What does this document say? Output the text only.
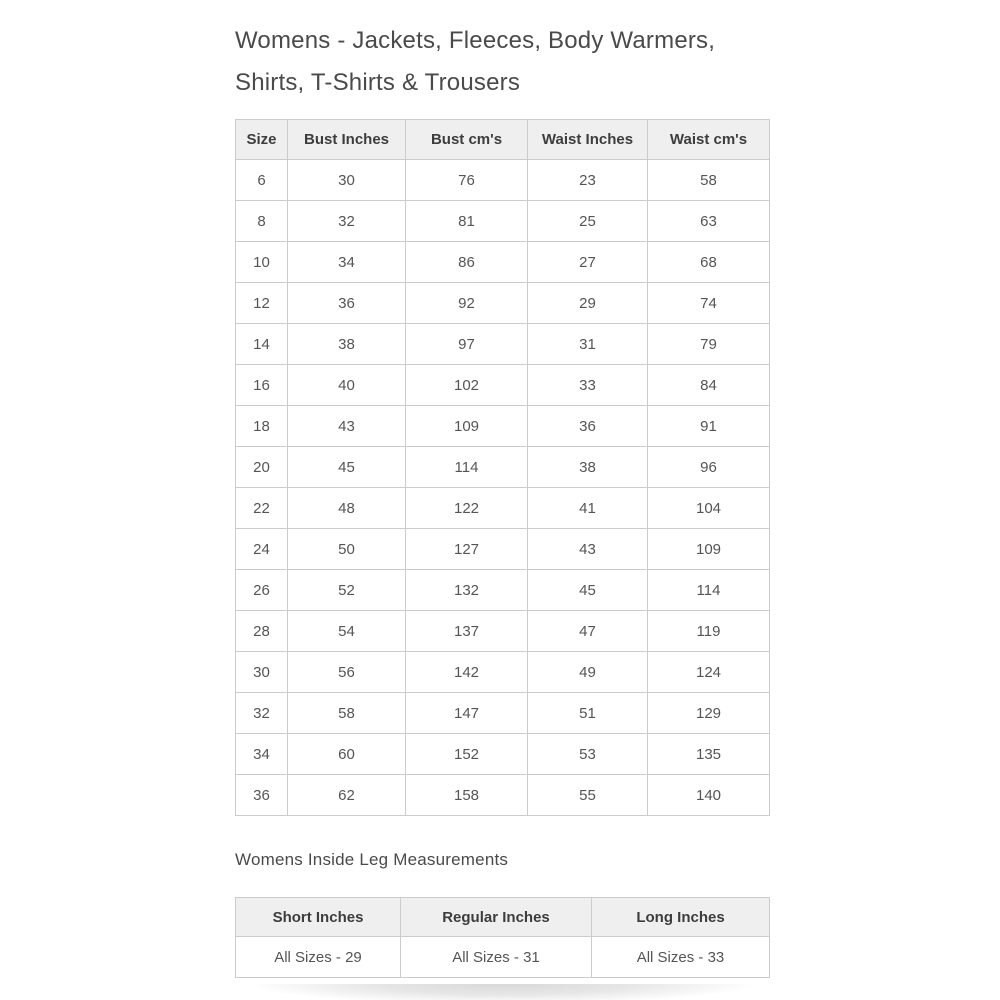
Womens - Jackets, Fleeces, Body Warmers,
Shirts, T-Shirts & Trousers
Size	Bust Inches	Bust cm's	Waist Inches	Waist cm's
6	30	76	23	58
8	32	81	25	63
10	34	86	27	68
12	36	92	29	74
14	38	97	31	79
16	40	102	33	84
18	43	109	36	91
20	45	114	38	96
22	48	122	41	104
24	50	127	43	109
26	52	132	45	114
28	54	137	47	119
30	56	142	49	124
32	58	147	51	129
34	60	152	53	135
36	62	158	55	140
Womens Inside Leg Measurements
Short Inches	Regular Inches	Long Inches
All Sizes - 29	All Sizes - 31	All Sizes - 33
